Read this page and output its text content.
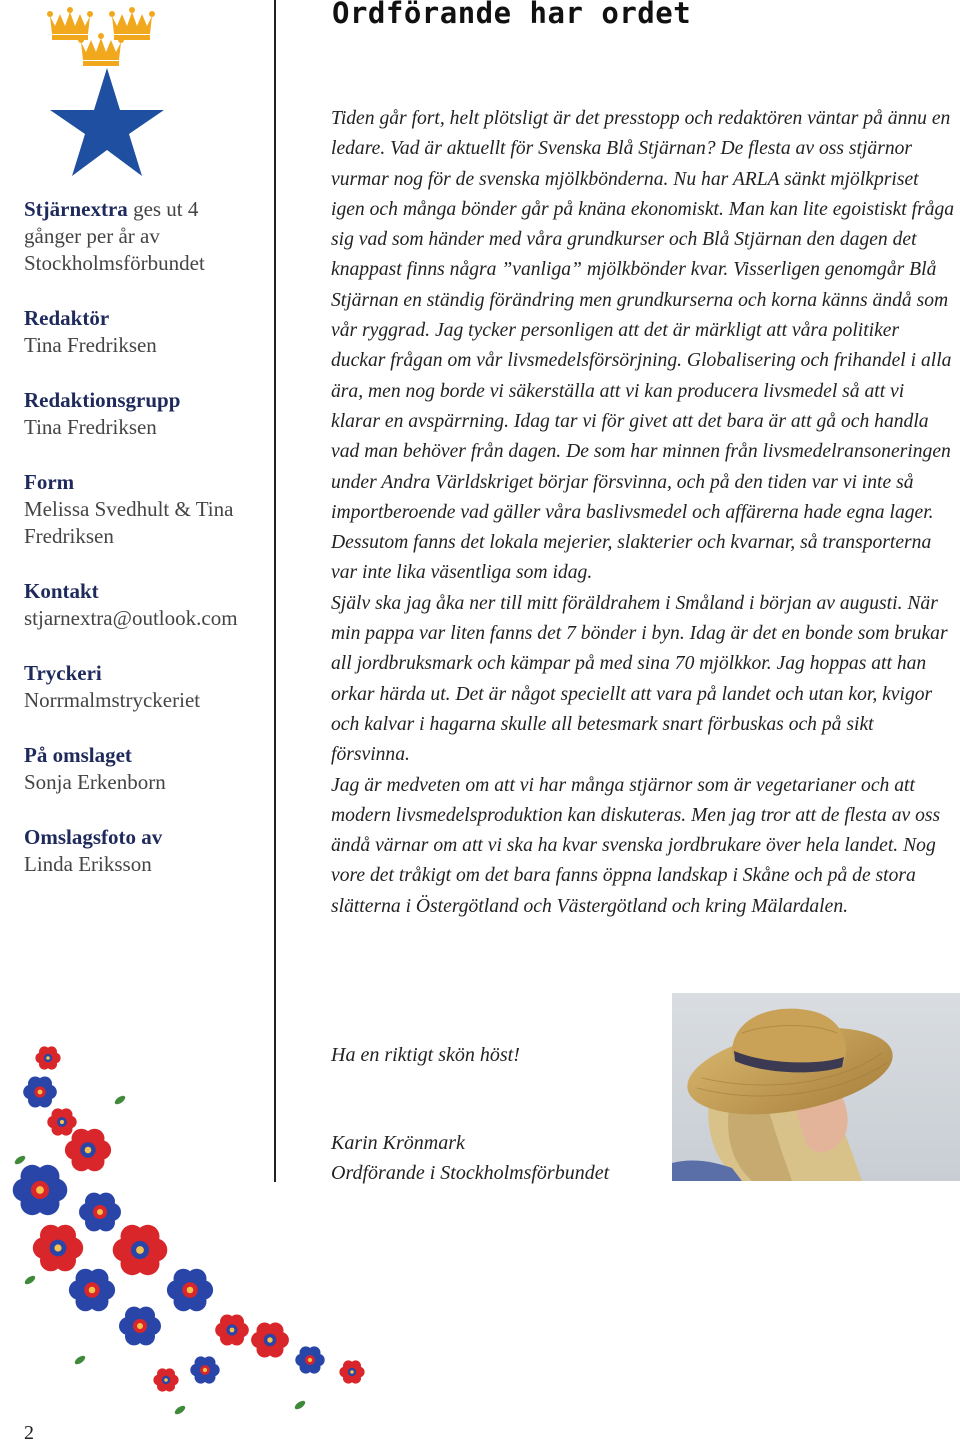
Stjärnextra ges ut 4 gånger per år av Stockholmsförbundet
Redaktör
Tina Fredriksen
Redaktionsgrupp
Tina Fredriksen
Form
Melissa Svedhult & Tina Fredriksen
Kontakt
stjarnextra@outlook.com
Tryckeri
Norrmalmstryckeriet
På omslaget
Sonja Erkenborn
Omslagsfoto av
Linda Eriksson
Ordförande har ordet

Tiden går fort, helt plötsligt är det presstopp och redaktören väntar på ännu en ledare. Vad är aktuellt för Svenska Blå Stjärnan? De flesta av oss stjärnor vurmar nog för de svenska mjölkbönderna. Nu har ARLA sänkt mjölkpriset igen och många bönder går på knäna ekonomiskt. Man kan lite egoistiskt fråga sig vad som händer med våra grundkurser och Blå Stjärnan den dagen det knappast finns några ”vanliga” mjölkbönder kvar. Visserligen genomgår Blå Stjärnan en ständig förändring men grundkurserna och korna känns ändå som vår ryggrad. Jag tycker personligen att det är märkligt att våra politiker duckar frågan om vår livsmedelsförsörjning. Globalisering och frihandel i alla ära, men nog borde vi säkerställa att vi kan producera livsmedel så att vi klarar en avspärrning. Idag tar vi för givet att det bara är att gå och handla vad man behöver från dagen. De som har minnen från livsmedelransoneringen under Andra Världskriget börjar försvinna, och på den tiden var vi inte så importberoende vad gäller våra baslivsmedel och affärerna hade egna lager. Dessutom fanns det lokala mejerier, slakterier och kvarnar, så transporterna var inte lika väsentliga som idag.

Själv ska jag åka ner till mitt föräldrahem i Småland i början av augusti. När min pappa var liten fanns det 7 bönder i byn. Idag är det en bonde som brukar all jordbruksmark och kämpar på med sina 70 mjölkkor. Jag hoppas att han orkar härda ut. Det är något speciellt att vara på landet och utan kor, kvigor och kalvar i hagarna skulle all betesmark snart förbuskas och på sikt försvinna.

Jag är medveten om att vi har många stjärnor som är vegetarianer och att modern livsmedelsproduktion kan diskuteras. Men jag tror att de flesta av oss ändå värnar om att vi ska ha kvar svenska jordbrukare över hela landet. Nog vore det tråkigt om det bara fanns öppna landskap i Skåne och på de stora slätterna i Östergötland och Västergötland och kring Mälardalen.

Ha en riktigt skön höst!
Karin Krönmark
Ordförande i Stockholmsförbundet
2
